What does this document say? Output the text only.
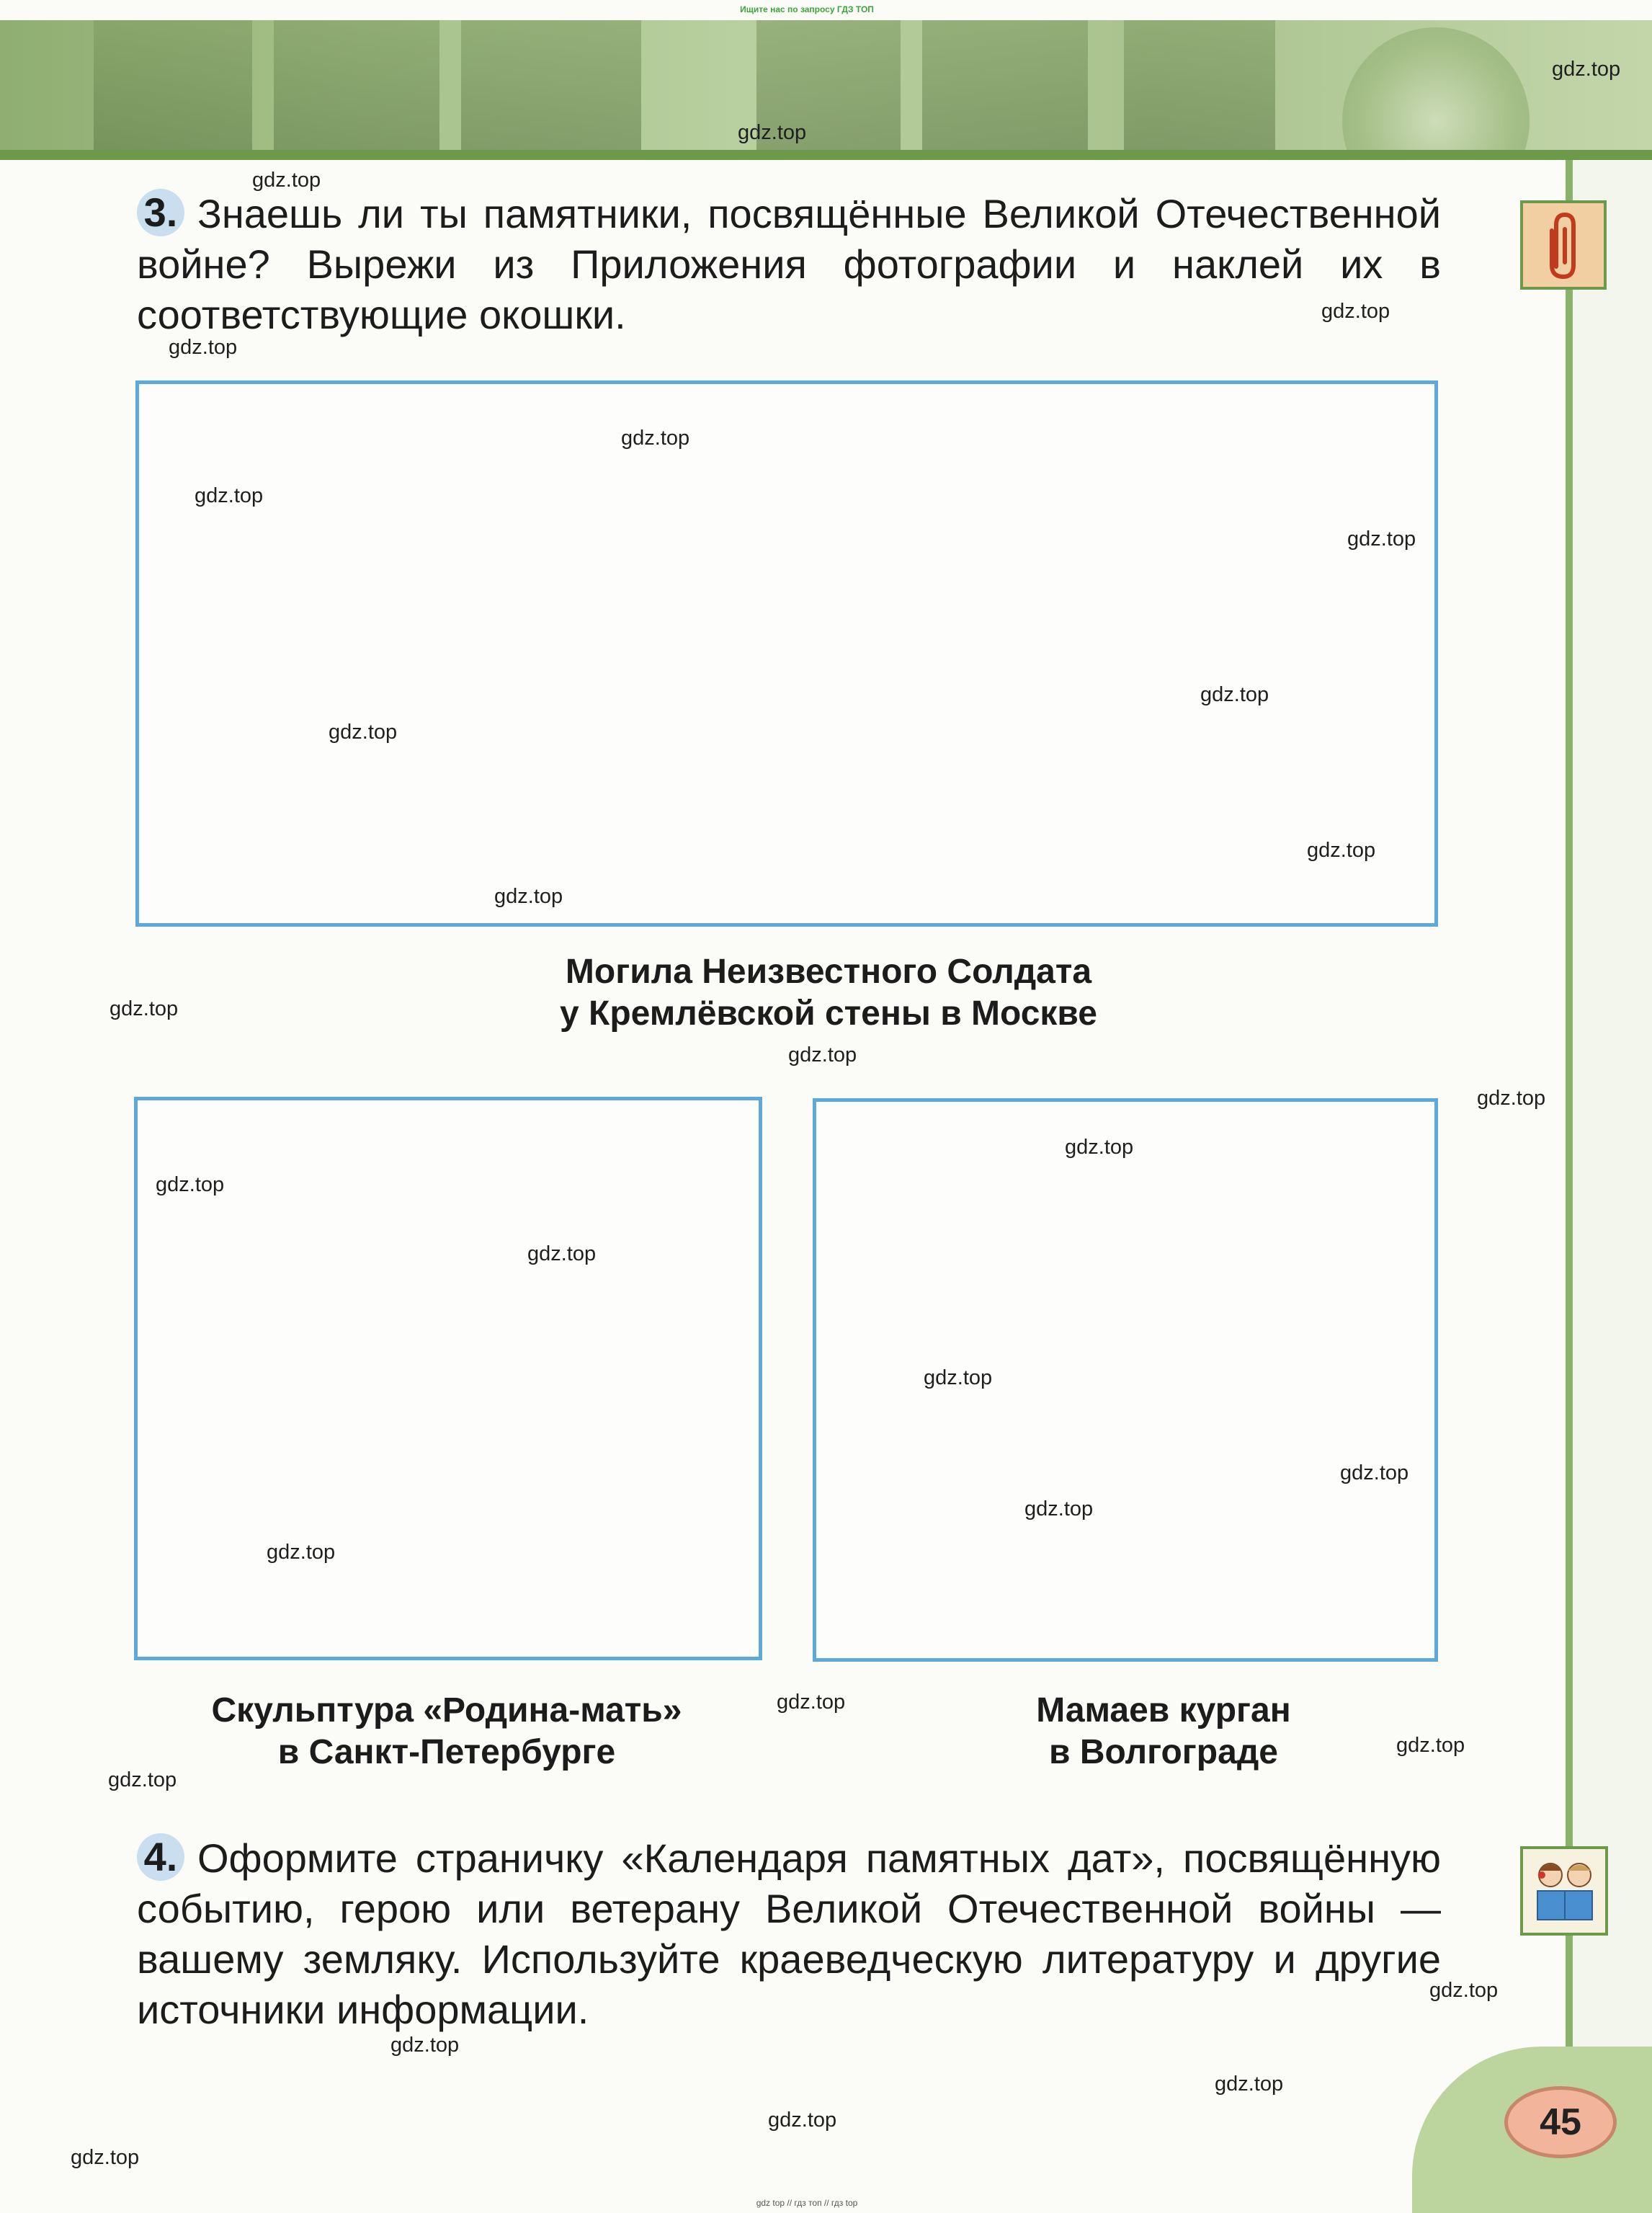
Ищите нас по запросу ГДЗ ТОП
3. Знаешь ли ты памятники, посвящённые Великой Отечественной войне? Вырежи из Приложения фотографии и наклей их в соответствующие окошки.
Могила Неизвестного Солдата
у Кремлёвской стены в Москве
Скульптура «Родина-мать»
в Санкт-Петербурге
Мамаев курган
в Волгограде
4. Оформите страничку «Календаря памятных дат», посвящённую событию, герою или ветерану Великой Отечественной войны — вашему земляку. Используйте краеведческую литературу и другие источники информации.
45
gdz.top
gdz.top
gdz.top
gdz.top
gdz.top
gdz.top
gdz.top
gdz.top
gdz.top
gdz.top
gdz.top
gdz.top
gdz.top
gdz.top
gdz.top
gdz.top
gdz.top
gdz.top
gdz.top
gdz.top
gdz.top
gdz.top
gdz.top
gdz.top
gdz.top
gdz.top
gdz.top
gdz.top
gdz.top
gdz.top
gdz top // гдз топ // гдз top
